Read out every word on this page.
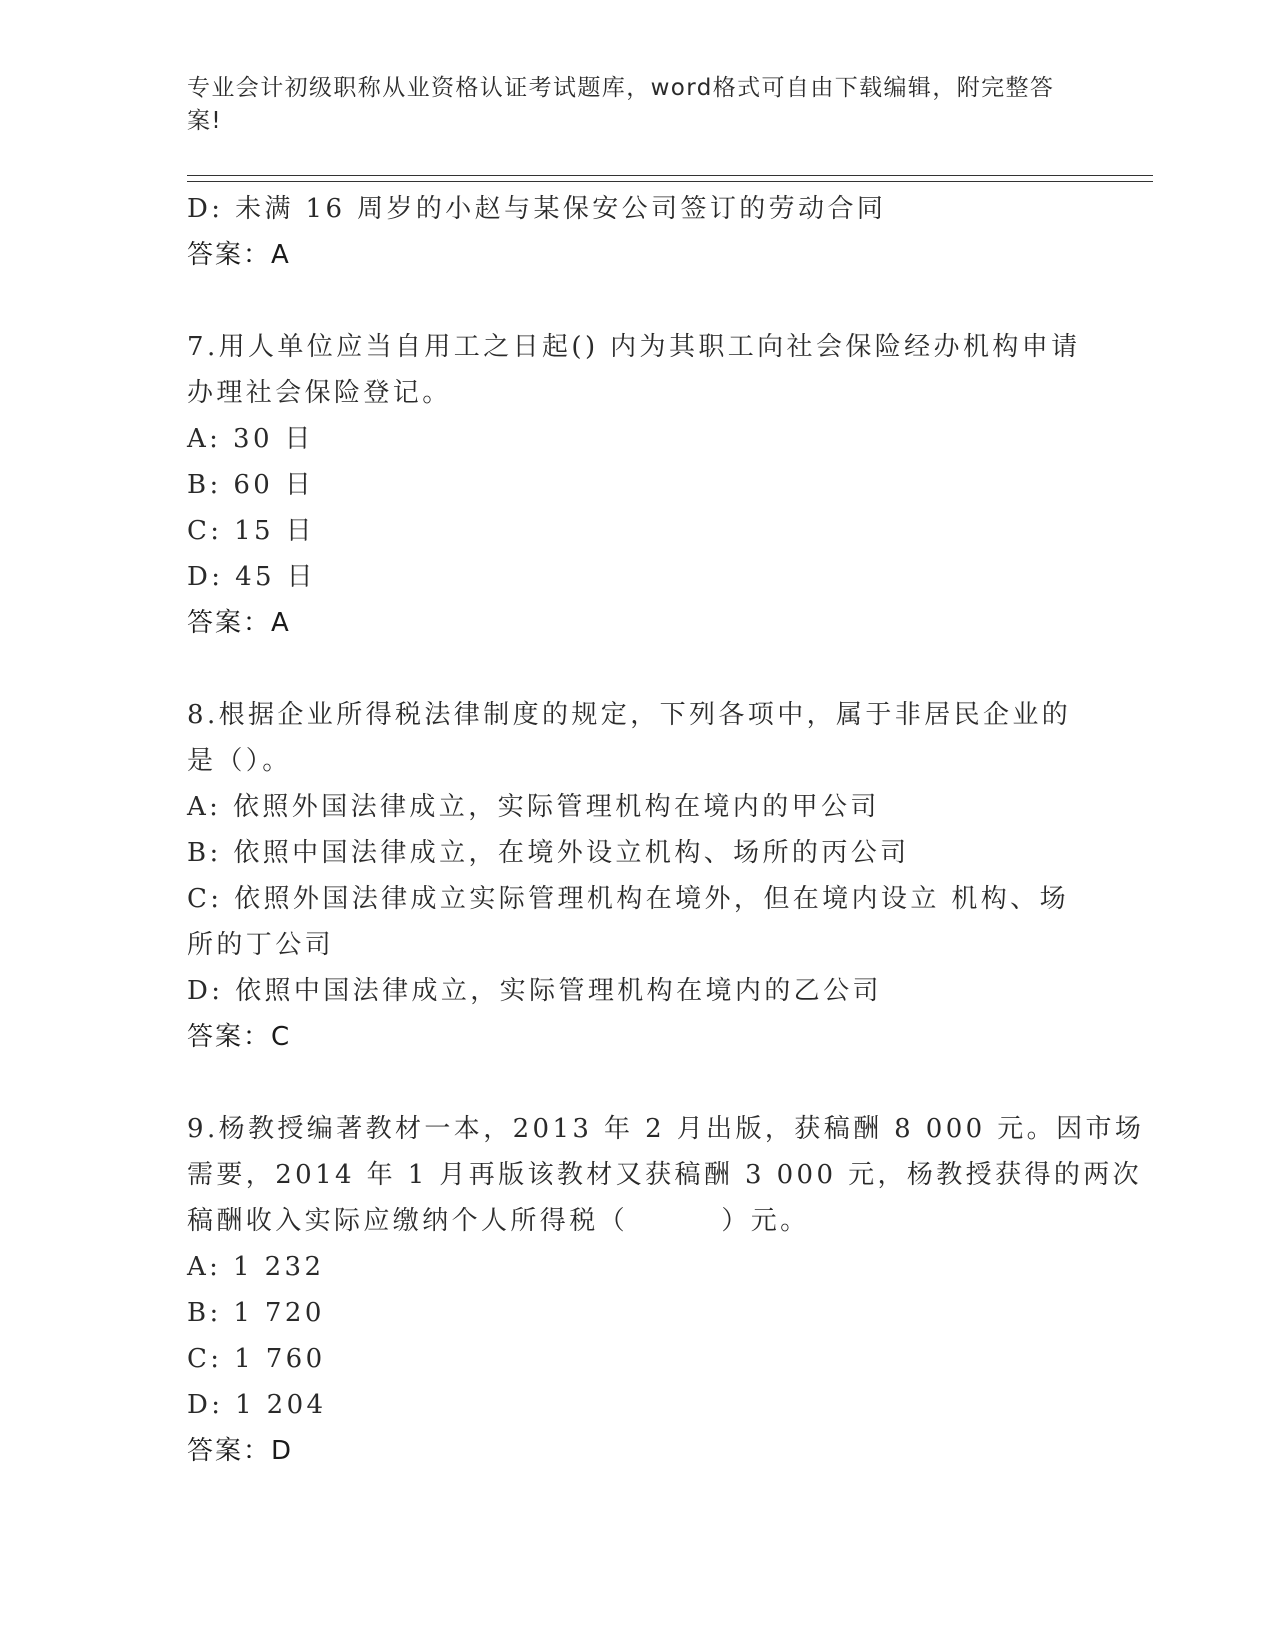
专业会计初级职称从业资格认证考试题库，word格式可自由下载编辑，附完整答案!
D: 未满 16 周岁的小赵与某保安公司签订的劳动合同
答案：A
7.用人单位应当自用工之日起() 内为其职工向社会保险经办机构申请
办理社会保险登记。
A: 30 日
B: 60 日
C: 15 日
D: 45 日
答案：A
8.根据企业所得税法律制度的规定，下列各项中，属于非居民企业的
是（）。
A: 依照外国法律成立，实际管理机构在境内的甲公司
B: 依照中国法律成立，在境外设立机构、场所的丙公司
C: 依照外国法律成立实际管理机构在境外，但在境内设立 机构、场
所的丁公司
D: 依照中国法律成立，实际管理机构在境内的乙公司
答案：C
9.杨教授编著教材一本，2013 年 2 月出版，获稿酬 8 000 元。因市场
需要，2014 年 1 月再版该教材又获稿酬 3 000 元，杨教授获得的两次
稿酬收入实际应缴纳个人所得税（        ）元。
A: 1 232
B: 1 720
C: 1 760
D: 1 204
答案：D
